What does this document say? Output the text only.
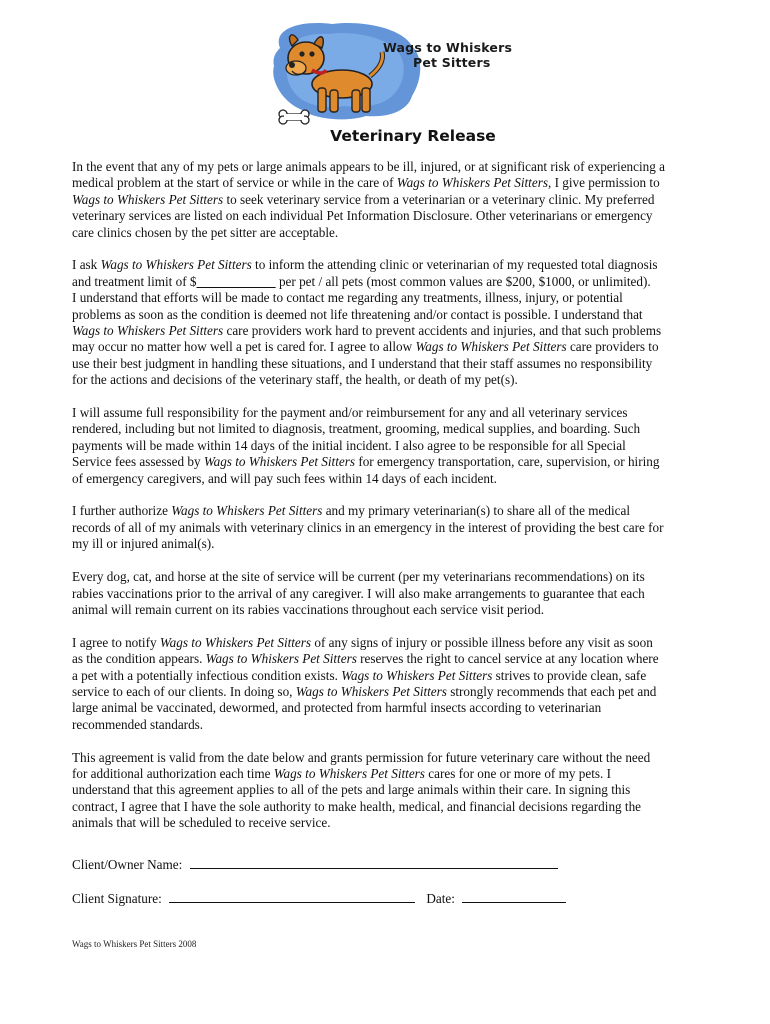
Wags to Whiskers
Pet Sitters
Veterinary Release

In the event that any of my pets or large animals appears to be ill, injured, or at significant risk of experiencing a

medical problem at the start of service or while in the care of Wags to Whiskers Pet Sitters, I give permission to

Wags to Whiskers Pet Sitters to seek veterinary service from a veterinarian or a veterinary clinic. My preferred

veterinary services are listed on each individual Pet Information Disclosure. Other veterinarians or emergency

care clinics chosen by the pet sitter are acceptable.

I ask Wags to Whiskers Pet Sitters to inform the attending clinic or veterinarian of my requested total diagnosis

and treatment limit of $	per pet / all pets (most common values are $200, $1000, or unlimited).

I understand that efforts will be made to contact me regarding any treatments, illness, injury, or potential

problems as soon as the condition is deemed not life threatening and/or contact is possible. I understand that

Wags to Whiskers Pet Sitters care providers work hard to prevent accidents and injuries, and that such problems

may occur no matter how well a pet is cared for. I agree to allow Wags to Whiskers Pet Sitters care providers to

use their best judgment in handling these situations, and I understand that their staff assumes no responsibility

for the actions and decisions of the veterinary staff, the health, or death of my pet(s).

I will assume full responsibility for the payment and/or reimbursement for any and all veterinary services

rendered, including but not limited to diagnosis, treatment, grooming, medical supplies, and boarding. Such

payments will be made within 14 days of the initial incident. I also agree to be responsible for all Special

Service fees assessed by Wags to Whiskers Pet Sitters for emergency transportation, care, supervision, or hiring

of emergency caregivers, and will pay such fees within 14 days of each incident.

I further authorize Wags to Whiskers Pet Sitters and my primary veterinarian(s) to share all of the medical

records of all of my animals with veterinary clinics in an emergency in the interest of providing the best care for

my ill or injured animal(s).

Every dog, cat, and horse at the site of service will be current (per my veterinarians recommendations) on its

rabies vaccinations prior to the arrival of any caregiver. I will also make arrangements to guarantee that each

animal will remain current on its rabies vaccinations throughout each service visit period.

I agree to notify Wags to Whiskers Pet Sitters of any signs of injury or possible illness before any visit as soon

as the condition appears. Wags to Whiskers Pet Sitters reserves the right to cancel service at any location where

a pet with a potentially infectious condition exists. Wags to Whiskers Pet Sitters strives to provide clean, safe

service to each of our clients. In doing so, Wags to Whiskers Pet Sitters strongly recommends that each pet and

large animal be vaccinated, dewormed, and protected from harmful insects according to veterinarian

recommended standards.

This agreement is valid from the date below and grants permission for future veterinary care without the need

for additional authorization each time Wags to Whiskers Pet Sitters cares for one or more of my pets. I

understand that this agreement applies to all of the pets and large animals within their care. In signing this

contract, I agree that I have the sole authority to make health, medical, and financial decisions regarding the

animals that will be scheduled to receive service.

Client/Owner Name:
Client Signature:	Date:
Wags to Whiskers Pet Sitters 2008
